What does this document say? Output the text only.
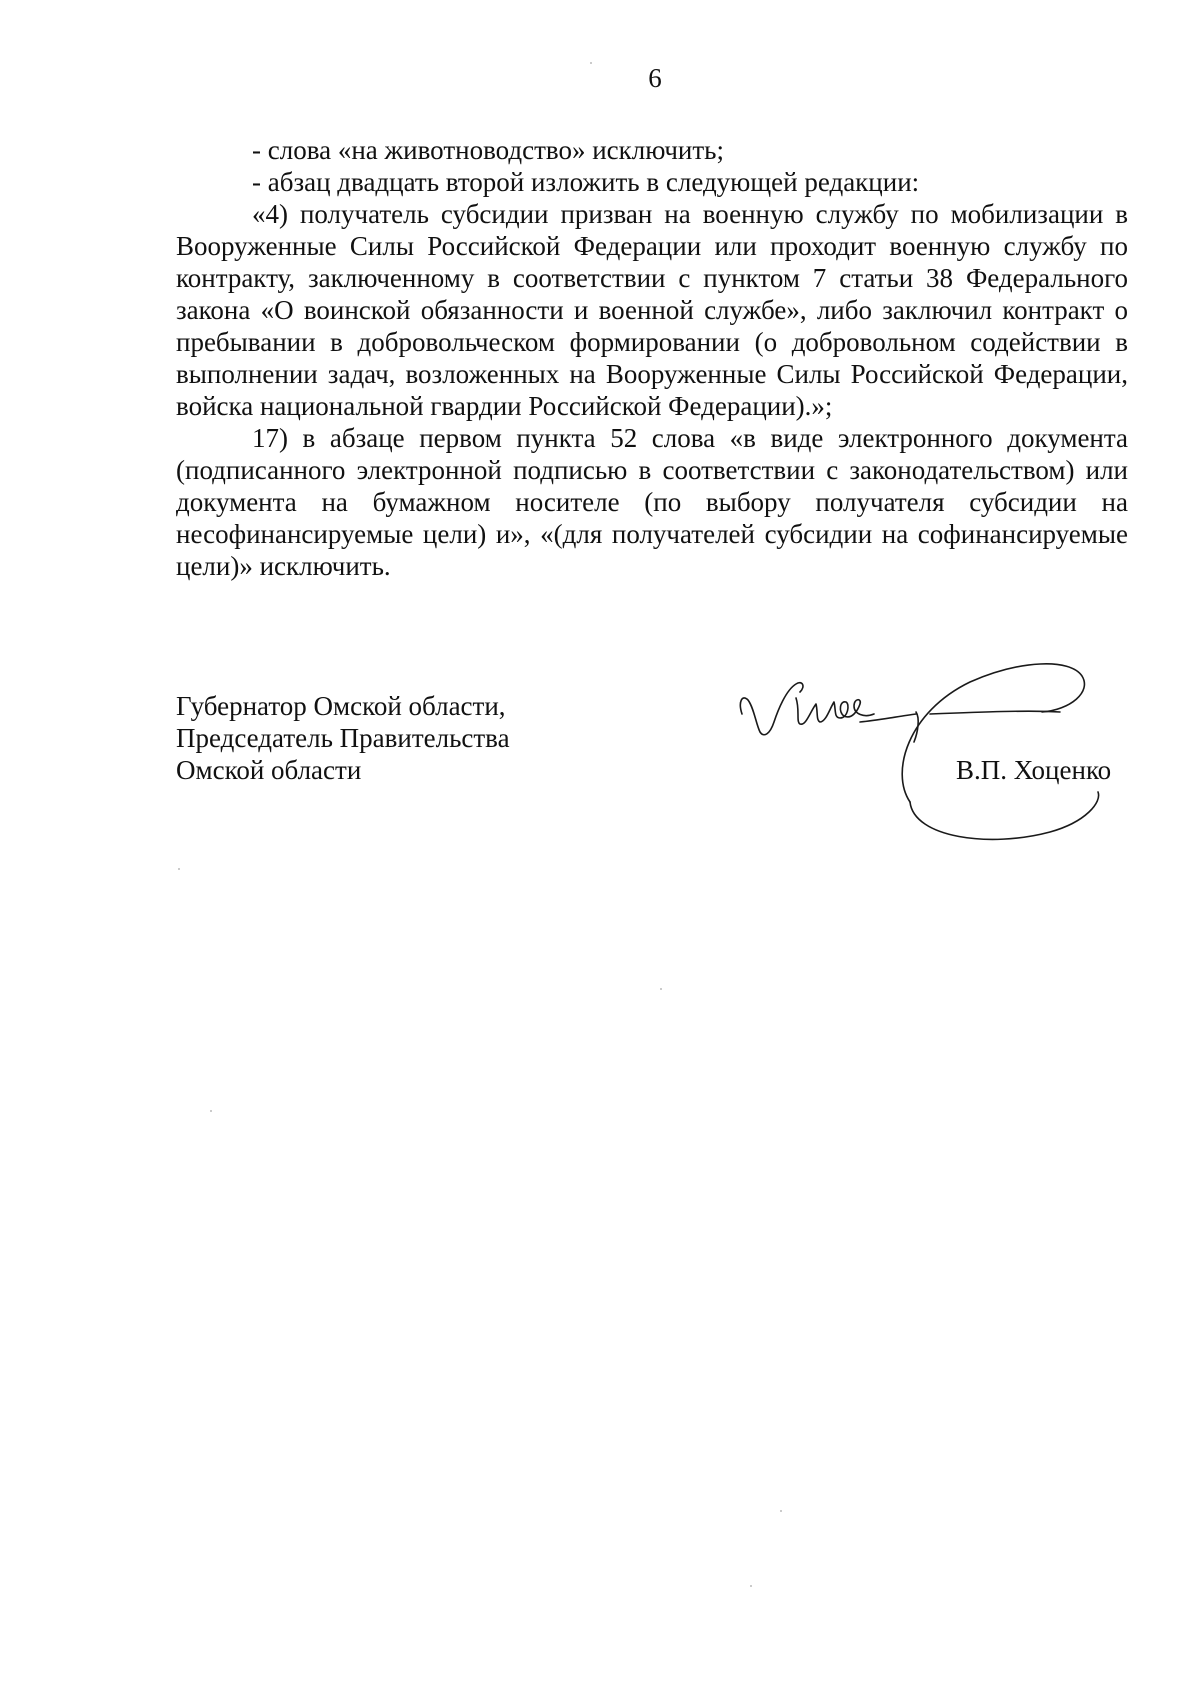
6

- слова «на животноводство» исключить;

- абзац двадцать второй изложить в следующей редакции:

«4) получатель субсидии призван на военную службу по мобилизации в Вооруженные Силы Российской Федерации или проходит военную службу по контракту, заключенному в соответствии с пунктом 7 статьи 38 Федерального закона «О воинской обязанности и военной службе», либо заключил контракт о пребывании в добровольческом формировании (о добровольном содействии в выполнении задач, возложенных на Вооруженные Силы Российской Федерации, войска национальной гвардии Российской Федерации).»;

17) в абзаце первом пункта 52 слова «в виде электронного документа (подписанного электронной подписью в соответствии с законодательством) или документа на бумажном носителе (по выбору получателя субсидии на несофинансируемые цели) и», «(для получателей субсидии на софинансируемые цели)» исключить.

Губернатор Омской области,
Председатель Правительства
Омской области	В.П. Хоценко
